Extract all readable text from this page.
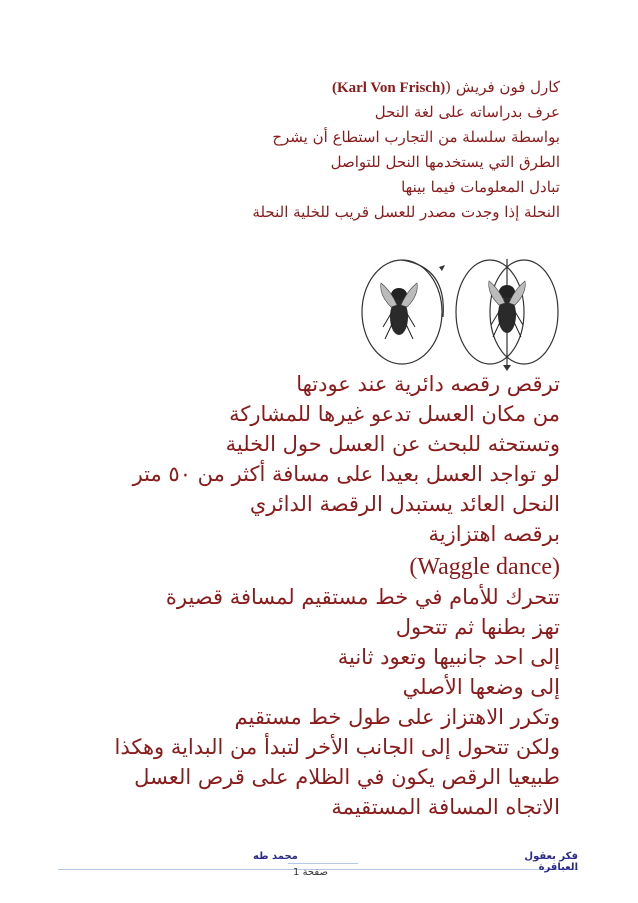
كارل فون فريش ((Karl Von Frisch)
عرف بدراساته على لغة النحل
بواسطة سلسلة من التجارب استطاع أن يشرح
الطرق التي يستخدمها النحل للتواصل
تبادل المعلومات فيما بينها
النحلة إذا وجدت مصدر للعسل قريب للخلية النحلة
ترقص رقصه دائرية عند عودتها
من مكان العسل تدعو غيرها للمشاركة
وتستحثه للبحث عن العسل حول الخلية
لو تواجد العسل بعيدا على مسافة أكثر من ٥٠ متر
النحل العائد يستبدل الرقصة الدائري
برقصه اهتزازية
(Waggle dance)
تتحرك للأمام في خط مستقيم لمسافة قصيرة
تهز بطنها ثم تتحول
إلى احد جانبيها وتعود ثانية
إلى وضعها الأصلي
وتكرر الاهتزاز على طول خط مستقيم
ولكن تتحول إلى الجانب الأخر لتبدأ من البداية وهكذا
طبيعيا الرقص يكون في الظلام على قرص العسل
الاتجاه المسافة المستقيمة
محمد طه	فكر بعقول العباقرة
صفحة 1
